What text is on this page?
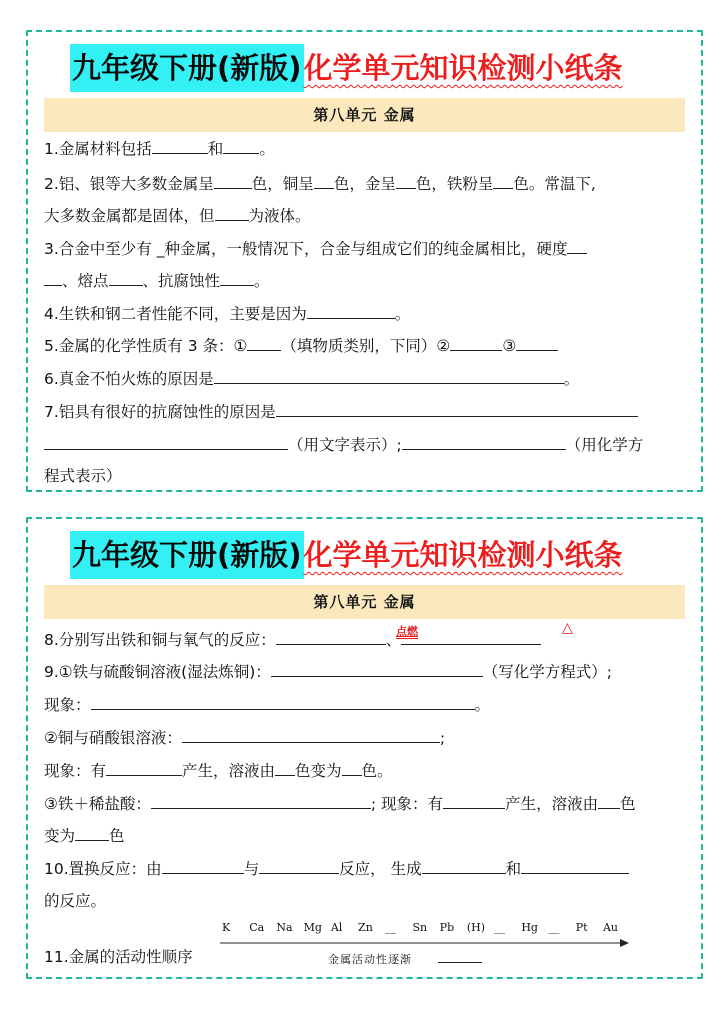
九年级下册(新版) 化学单元知识检测小纸条
第八单元 金属
1.金属材料包括	和 。
2.铝、银等大多数金属呈 色，铜呈 色，金呈 色，铁粉呈 色。常温下,
大多数金属都是固体，但 为液体。
3.合金中至少有 _种金属，一般情况下，合金与组成它们的纯金属相比，硬度
、熔点 、抗腐蚀性 。
4.生铁和钢二者性能不同，主要是因为	。
5.金属的化学性质有 3 条：① （填物质类别，下同）②	③
6.真金不怕火炼的原因是	。
7.铝具有很好的抗腐蚀性的原因是
（用文字表示）;	（用化学方
程式表示）
九年级下册(新版) 化学单元知识检测小纸条
第八单元 金属
8.分别写出铁和铜与氧气的反应：	、
点燃	△
9.①铁与硫酸铜溶液(湿法炼铜)：	（写化学方程式）;
现象：	。
②铜与硝酸银溶液：	;
现象：有	产生，溶液由 色变为 色。
③铁＋稀盐酸：	; 现象：有	产生，溶液由 色
变为 色
10.置换反应：由	与	反应， 生成	和
的反应。
11.金属的活动性顺序
K Ca Na Mg Al Zn __ Sn Pb (H) __ Hg __ Pt Au
金属活动性逐渐
